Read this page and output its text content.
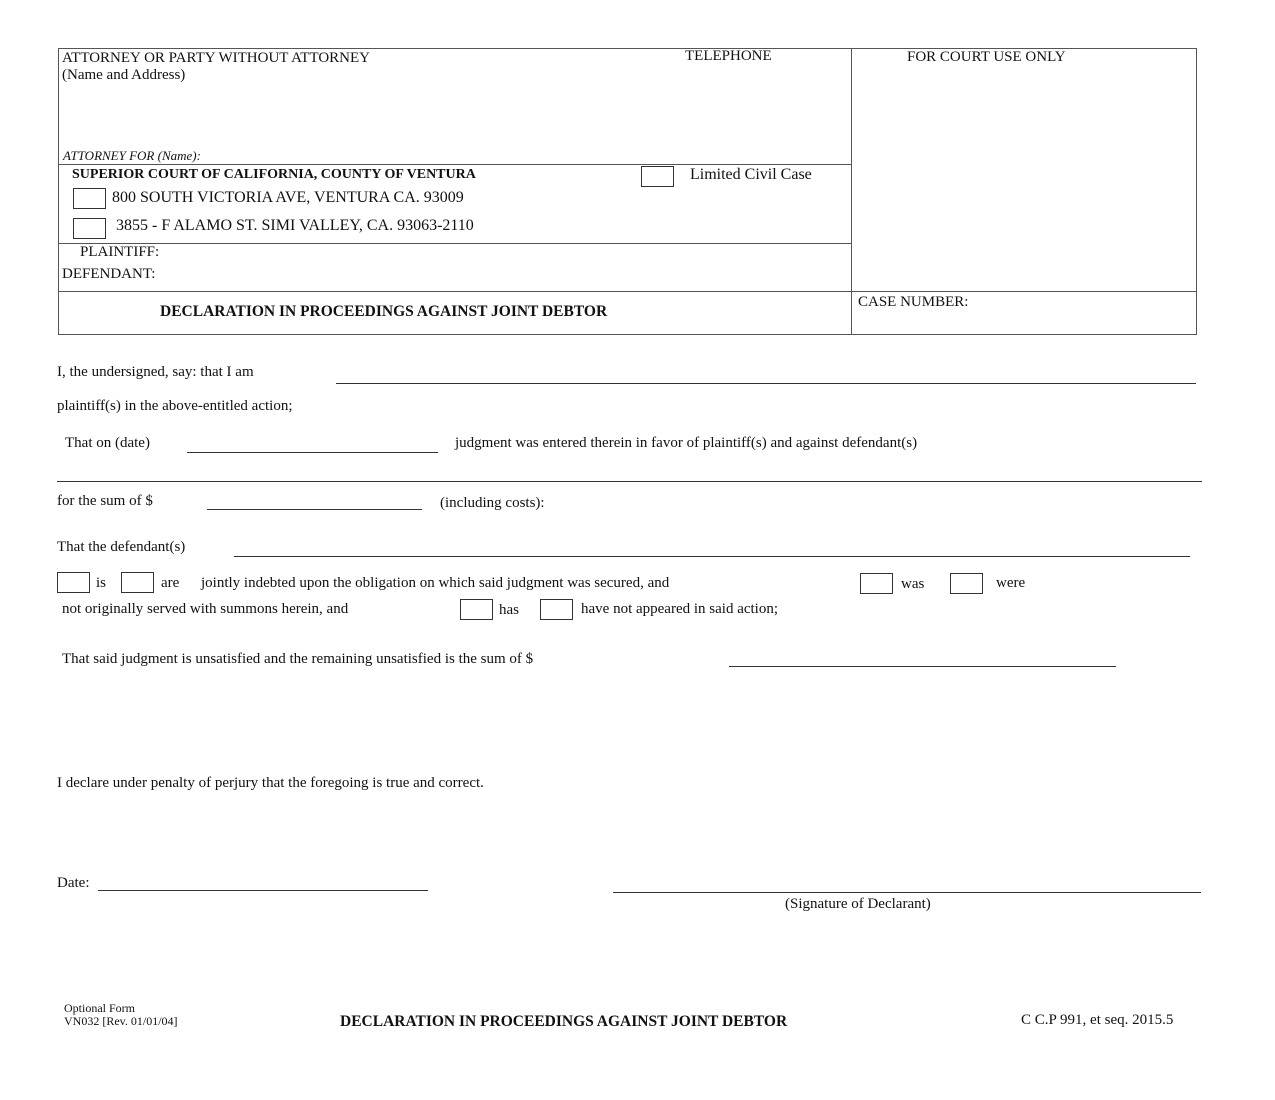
ATTORNEY OR PARTY WITHOUT ATTORNEY
(Name and Address)
TELEPHONE	FOR COURT USE ONLY
ATTORNEY FOR (Name):
SUPERIOR COURT OF CALIFORNIA, COUNTY OF VENTURA	Limited Civil Case
800 SOUTH VICTORIA AVE, VENTURA CA. 93009
3855 - F ALAMO ST. SIMI VALLEY, CA. 93063-2110
PLAINTIFF:
DEFENDANT:
DECLARATION IN PROCEEDINGS AGAINST JOINT DEBTOR
CASE NUMBER:
I, the undersigned, say: that I am
plaintiff(s) in the above-entitled action;
That on (date)	judgment was entered therein in favor of plaintiff(s) and against defendant(s)
for the sum of $	(including costs):
That the defendant(s)
is	are jointly indebted upon the obligation on which said judgment was secured, and	was	were
not originally served with summons herein, and	has	have not appeared in said action;
That said judgment is unsatisfied and the remaining unsatisfied is the sum of $
I declare under penalty of perjury that the foregoing is true and correct.
Date:
(Signature of Declarant)
Optional Form
VN032 [Rev. 01/01/04]	DECLARATION IN PROCEEDINGS AGAINST JOINT DEBTOR	C C.P 991, et seq. 2015.5
